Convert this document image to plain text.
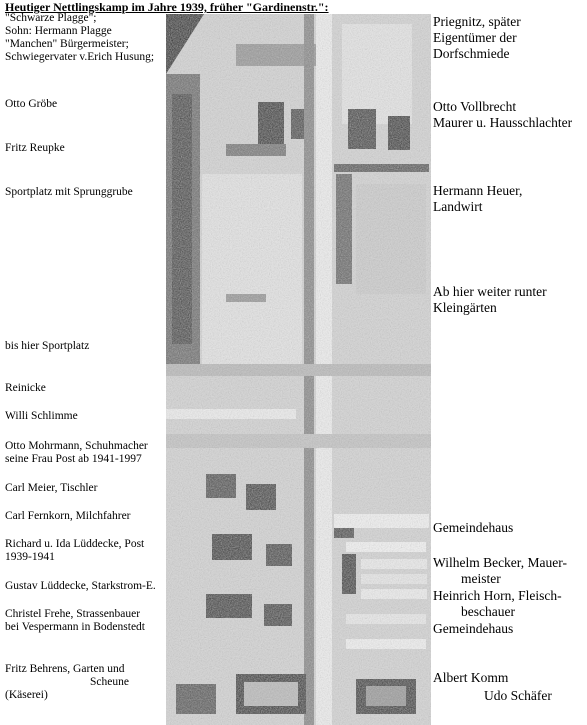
Heutiger Nettlingskamp im Jahre 1939, früher "Gardinenstr.":
"Schwarze Plagge";
Sohn: Hermann Plagge
"Manchen" Bürgermeister;
Schwiegervater v.Erich Husung;
Otto Gröbe
Fritz Reupke
Sportplatz mit Sprunggrube
bis hier Sportplatz
Reinicke
Willi Schlimme
Otto Mohrmann, Schuhmacher
seine Frau Post ab 1941-1997
Carl Meier, Tischler
Carl Fernkorn, Milchfahrer
Richard u. Ida Lüddecke, Post
1939-1941
Gustav Lüddecke, Starkstrom-E.
Christel Frehe, Strassenbauer
bei Vespermann in Bodenstedt
Fritz Behrens, Garten und
Scheune
(Käserei)
Priegnitz, später
Eigentümer der
Dorfschmiede
Otto Vollbrecht
Maurer u. Hausschlachter
Hermann Heuer,
Landwirt
Ab hier weiter runter
Kleingärten
Gemeindehaus
Wilhelm Becker, Mauer-
meister
Heinrich Horn, Fleisch-
beschauer
Gemeindehaus
Albert Komm
Udo Schäfer
